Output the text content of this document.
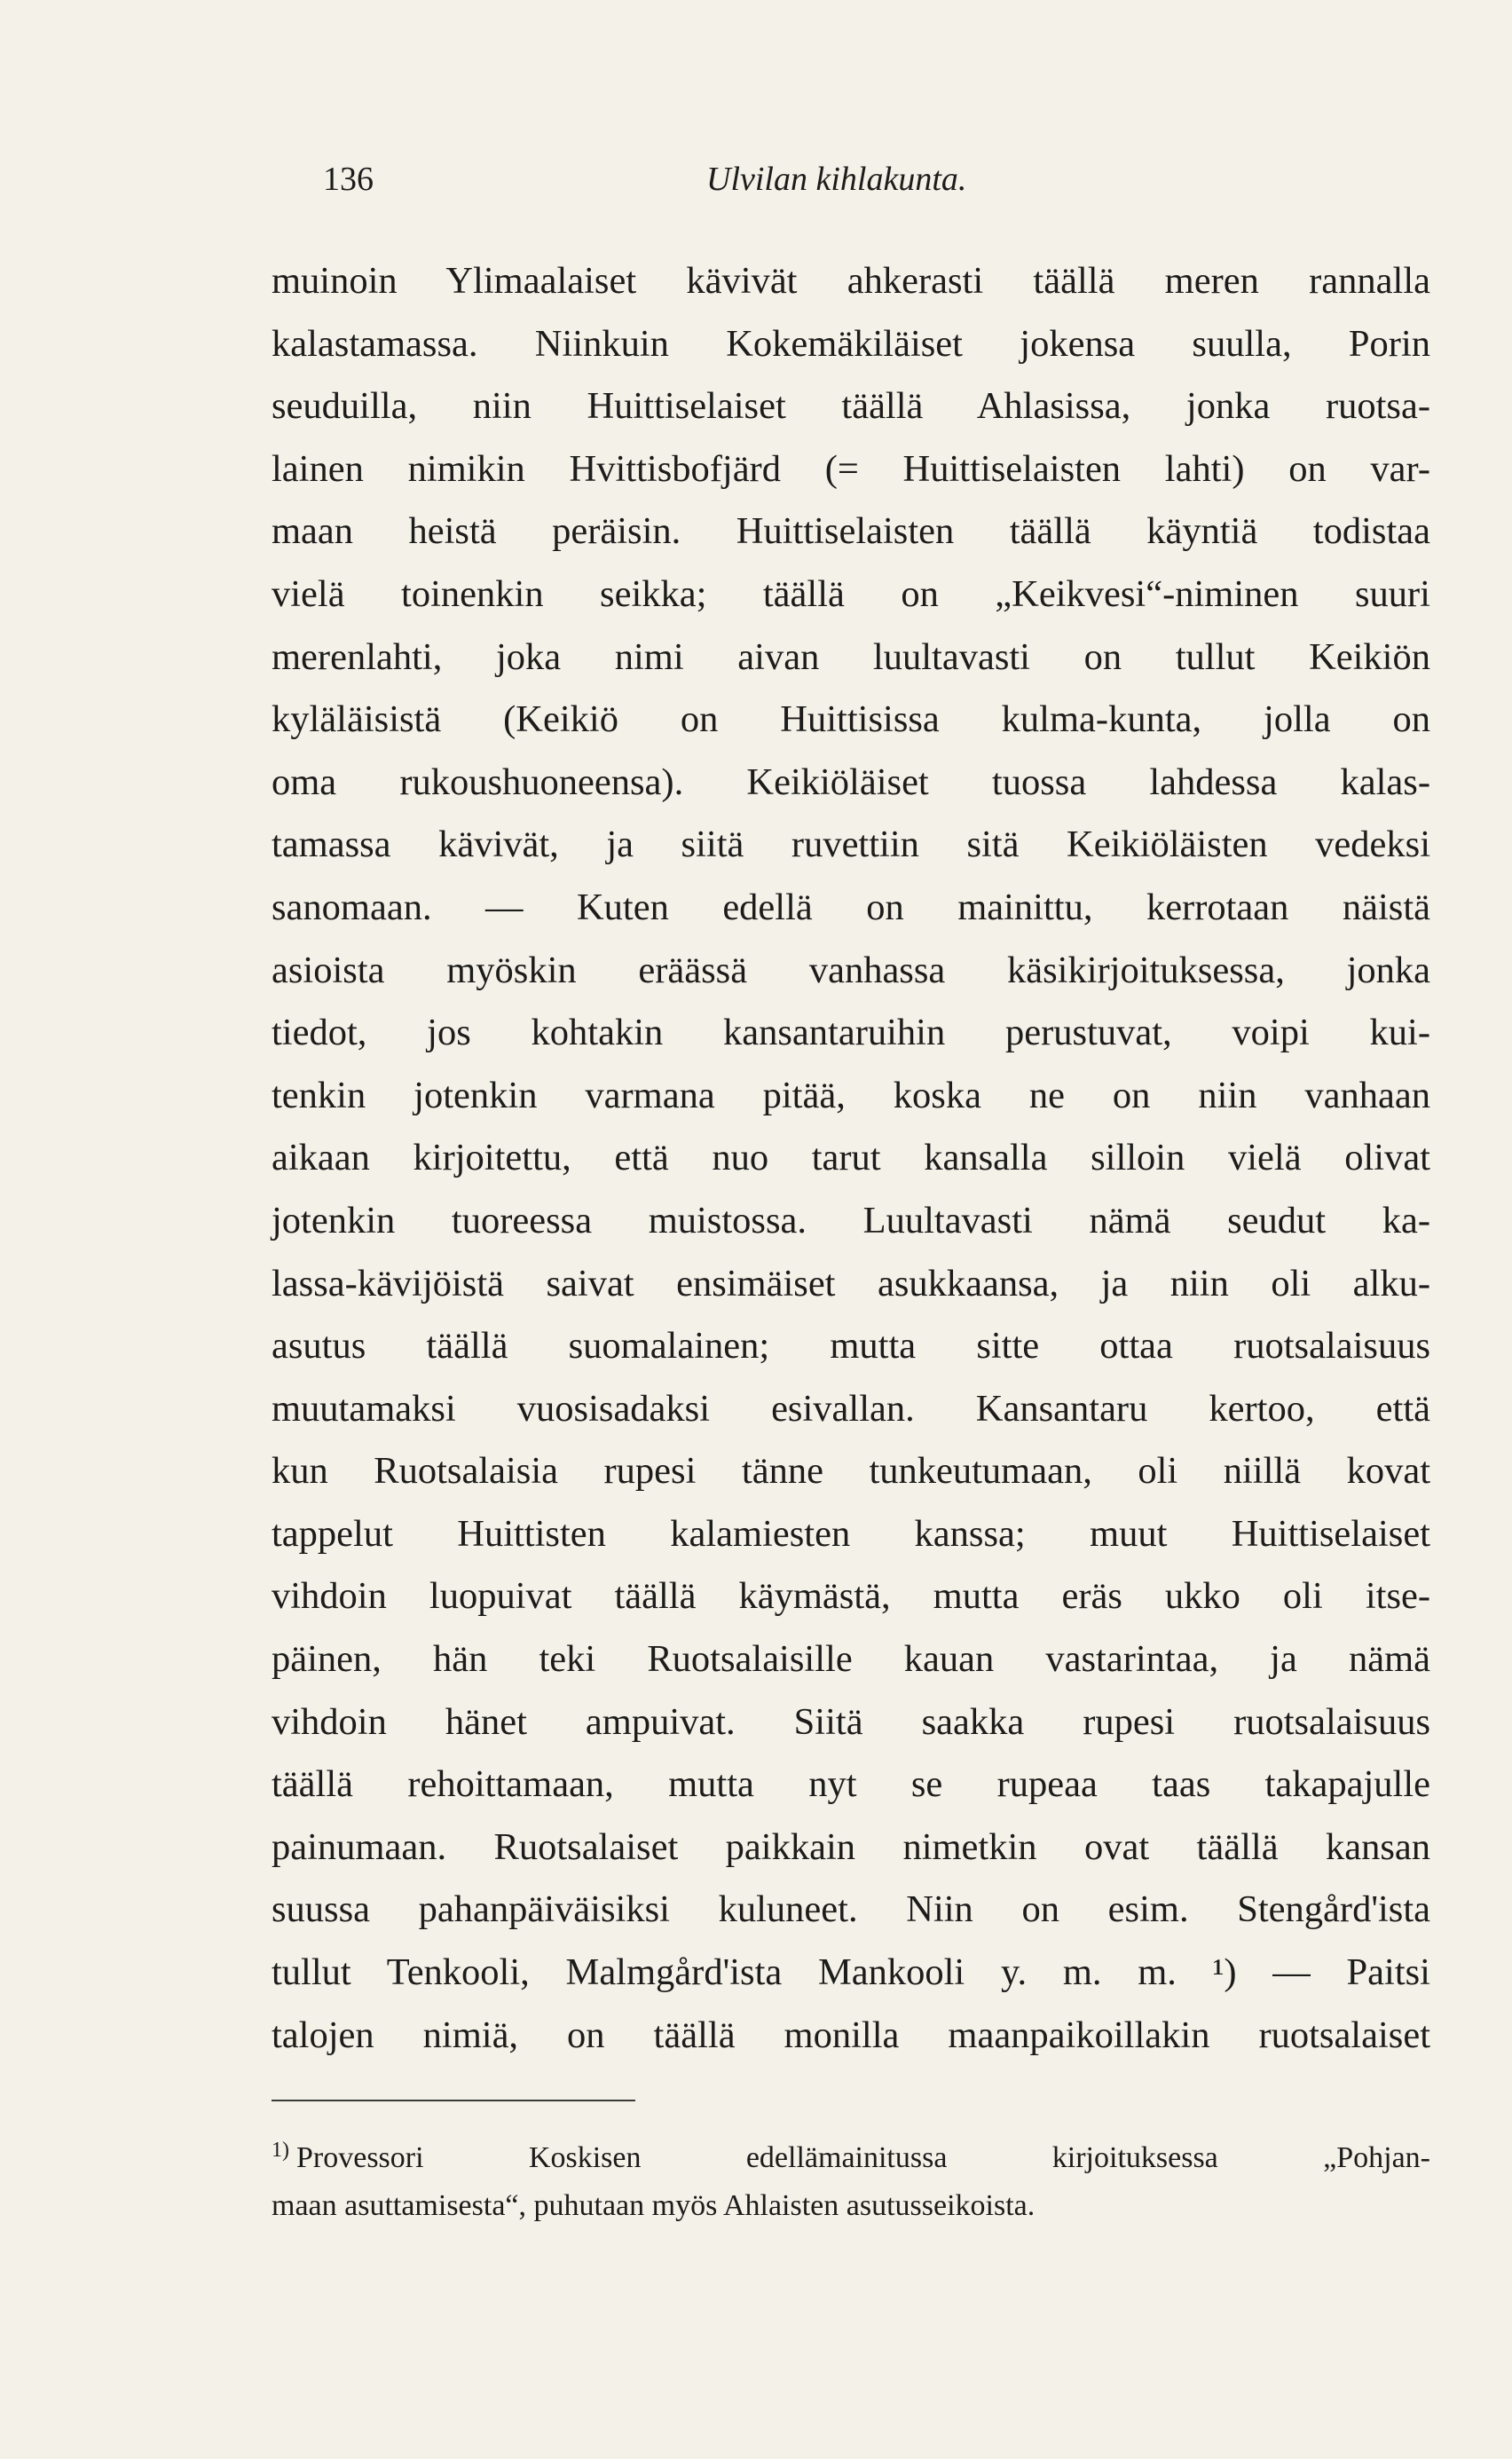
136	Ulvilan kihlakunta.
muinoin Ylimaalaiset kävivät ahkerasti täällä meren rannalla
kalastamassa. Niinkuin Kokemäkiläiset jokensa suulla, Porin
seuduilla, niin Huittiselaiset täällä Ahlasissa, jonka ruotsa-
lainen nimikin Hvittisbofjärd (= Huittiselaisten lahti) on var-
maan heistä peräisin. Huittiselaisten täällä käyntiä todistaa
vielä toinenkin seikka; täällä on „Keikvesi“-niminen suuri
merenlahti, joka nimi aivan luultavasti on tullut Keikiön
kyläläisistä (Keikiö on Huittisissa kulma-kunta, jolla on
oma rukoushuoneensa). Keikiöläiset tuossa lahdessa kalas-
tamassa kävivät, ja siitä ruvettiin sitä Keikiöläisten vedeksi
sanomaan. — Kuten edellä on mainittu, kerrotaan näistä
asioista myöskin eräässä vanhassa käsikirjoituksessa, jonka
tiedot, jos kohtakin kansantaruihin perustuvat, voipi kui-
tenkin jotenkin varmana pitää, koska ne on niin vanhaan
aikaan kirjoitettu, että nuo tarut kansalla silloin vielä olivat
jotenkin tuoreessa muistossa. Luultavasti nämä seudut ka-
lassa-kävijöistä saivat ensimäiset asukkaansa, ja niin oli alku-
asutus täällä suomalainen; mutta sitte ottaa ruotsalaisuus
muutamaksi vuosisadaksi esivallan. Kansantaru kertoo, että
kun Ruotsalaisia rupesi tänne tunkeutumaan, oli niillä kovat
tappelut Huittisten kalamiesten kanssa; muut Huittiselaiset
vihdoin luopuivat täällä käymästä, mutta eräs ukko oli itse-
päinen, hän teki Ruotsalaisille kauan vastarintaa, ja nämä
vihdoin hänet ampuivat. Siitä saakka rupesi ruotsalaisuus
täällä rehoittamaan, mutta nyt se rupeaa taas takapajulle
painumaan. Ruotsalaiset paikkain nimetkin ovat täällä kansan
suussa pahanpäiväisiksi kuluneet. Niin on esim. Stengård'ista
tullut Tenkooli, Malmgård'ista Mankooli y. m. m. ¹) — Paitsi
talojen nimiä, on täällä monilla maanpaikoillakin ruotsalaiset
1) Provessori Koskisen edellämainitussa kirjoituksessa „Pohjan-
maan asuttamisesta“, puhutaan myös Ahlaisten asutusseikoista.
